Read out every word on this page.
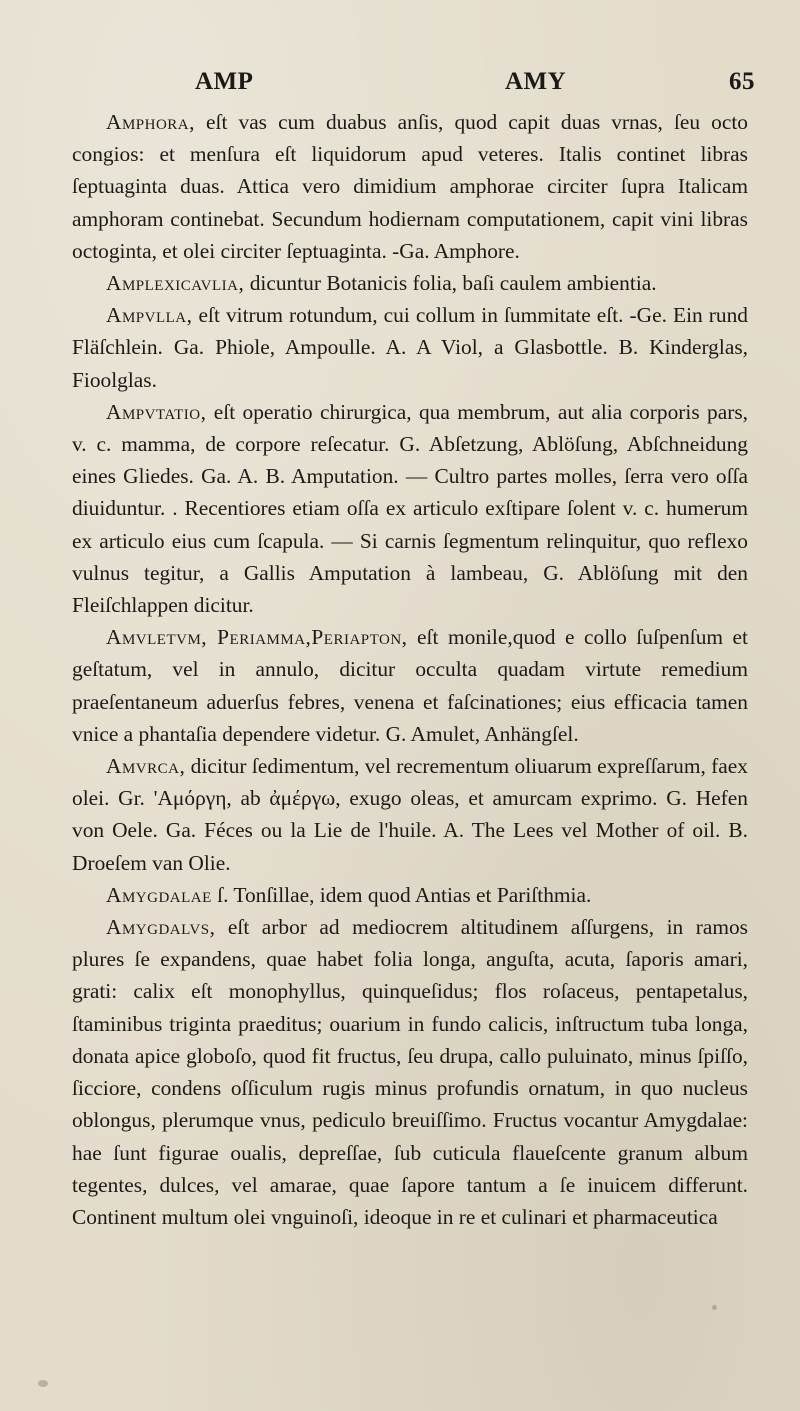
AMP	AMY	65

Ampнora, eſt vas cum duabus anſis, quod capit duas vrnas, ſeu octo congios: et menſura eſt liquidorum apud veteres. Italis continet libras ſeptuaginta duas. Attica vero dimidium amphorae circiter ſupra Italicam amphoram continebat. Secundum hodiernam computationem, capit vini libras octoginta, et olei circiter ſeptuaginta. -Ga. Amphore.

Amplexicavlia, dicuntur Botanicis folia, baſi caulem ambientia.

Ampvlla, eſt vitrum rotundum, cui collum in ſummitate eſt. -Ge. Ein rund Fläſchlein. Ga. Phiole, Ampoulle. A. A Viol, a Glasbottle. B. Kinderglas, Fioolglas.

Ampvtatio, eſt operatio chirurgica, qua membrum, aut alia corporis pars, v. c. mamma, de corpore reſecatur. G. Abſetzung, Ablöſung, Abſchneidung eines Gliedes. Ga. A. B. Amputation. — Cultro partes molles, ſerra vero oſſa diuiduntur. . Recentiores etiam oſſa ex articulo exſtipare ſolent v. c. humerum ex articulo eius cum ſcapula. — Si carnis ſegmentum relinquitur, quo reflexo vulnus tegitur, a Gallis Amputation à lambeau, G. Ablöſung mit den Fleiſchlappen dicitur.

Amvletvm, Periamma,Periapton, eſt monile,quod e collo ſuſpenſum et geſtatum, vel in annulo, dicitur occulta quadam virtute remedium praeſentaneum aduerſus febres, venena et faſcinationes; eius efficacia tamen vnice a phantaſia dependere videtur. G. Amulet, Anhängſel.

Amvrca, dicitur ſedimentum, vel recrementum oliuarum expreſſarum, faex olei. Gr. 'Αμόργη, ab ἀμέργω, exugo oleas, et amurcam exprimo. G. Hefen von Oele. Ga. Féces ou la Lie de l'huile. A. The Lees vel Mother of oil. B. Droeſem van Olie.

Amygdalae ſ. Tonſillae, idem quod Antias et Pariſthmia.

Amygdalvs, eſt arbor ad mediocrem altitudinem aſſurgens, in ramos plures ſe expandens, quae habet folia longa, anguſta, acuta, ſaporis amari, grati: calix eſt monophyllus, quinqueſidus; flos roſaceus, pentapetalus, ſtaminibus triginta praeditus; ouarium in fundo calicis, inſtructum tuba longa, donata apice globoſo, quod fit fructus, ſeu drupa, callo puluinato, minus ſpiſſo, ſicciore, condens oſſiculum rugis minus profundis ornatum, in quo nucleus oblongus, plerumque vnus, pediculo breuiſſimo. Fructus vocantur Amygdalae: hae ſunt figurae oualis, depreſſae, ſub cuticula flaueſcente granum album tegentes, dulces, vel amarae, quae ſapore tantum a ſe inuicem differunt. Continent multum olei vnguinoſi, ideoque in re et culinari et pharmaceutica
